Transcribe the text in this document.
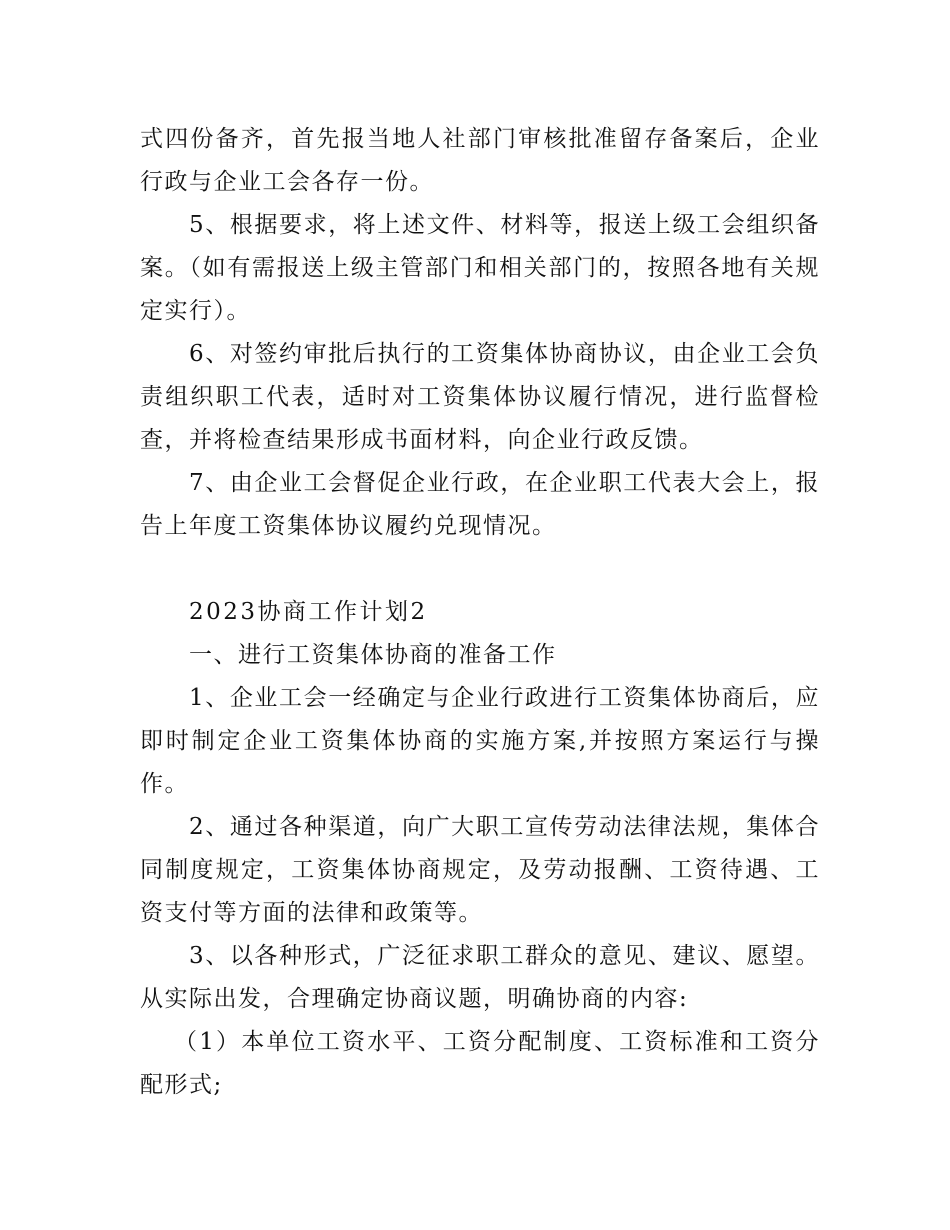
式四份备齐，首先报当地人社部门审核批准留存备案后，企业行政与企业工会各存一份。

5、根据要求，将上述文件、材料等，报送上级工会组织备案。（如有需报送上级主管部门和相关部门的，按照各地有关规定实行）。

6、对签约审批后执行的工资集体协商协议，由企业工会负责组织职工代表，适时对工资集体协议履行情况，进行监督检查，并将检查结果形成书面材料，向企业行政反馈。

7、由企业工会督促企业行政，在企业职工代表大会上，报告上年度工资集体协议履约兑现情况。

2023协商工作计划2

一、进行工资集体协商的准备工作

1、企业工会一经确定与企业行政进行工资集体协商后，应即时制定企业工资集体协商的实施方案,并按照方案运行与操作。

2、通过各种渠道，向广大职工宣传劳动法律法规，集体合同制度规定，工资集体协商规定，及劳动报酬、工资待遇、工资支付等方面的法律和政策等。

3、以各种形式，广泛征求职工群众的意见、建议、愿望。从实际出发，合理确定协商议题，明确协商的内容:

（1）本单位工资水平、工资分配制度、工资标准和工资分配形式;
